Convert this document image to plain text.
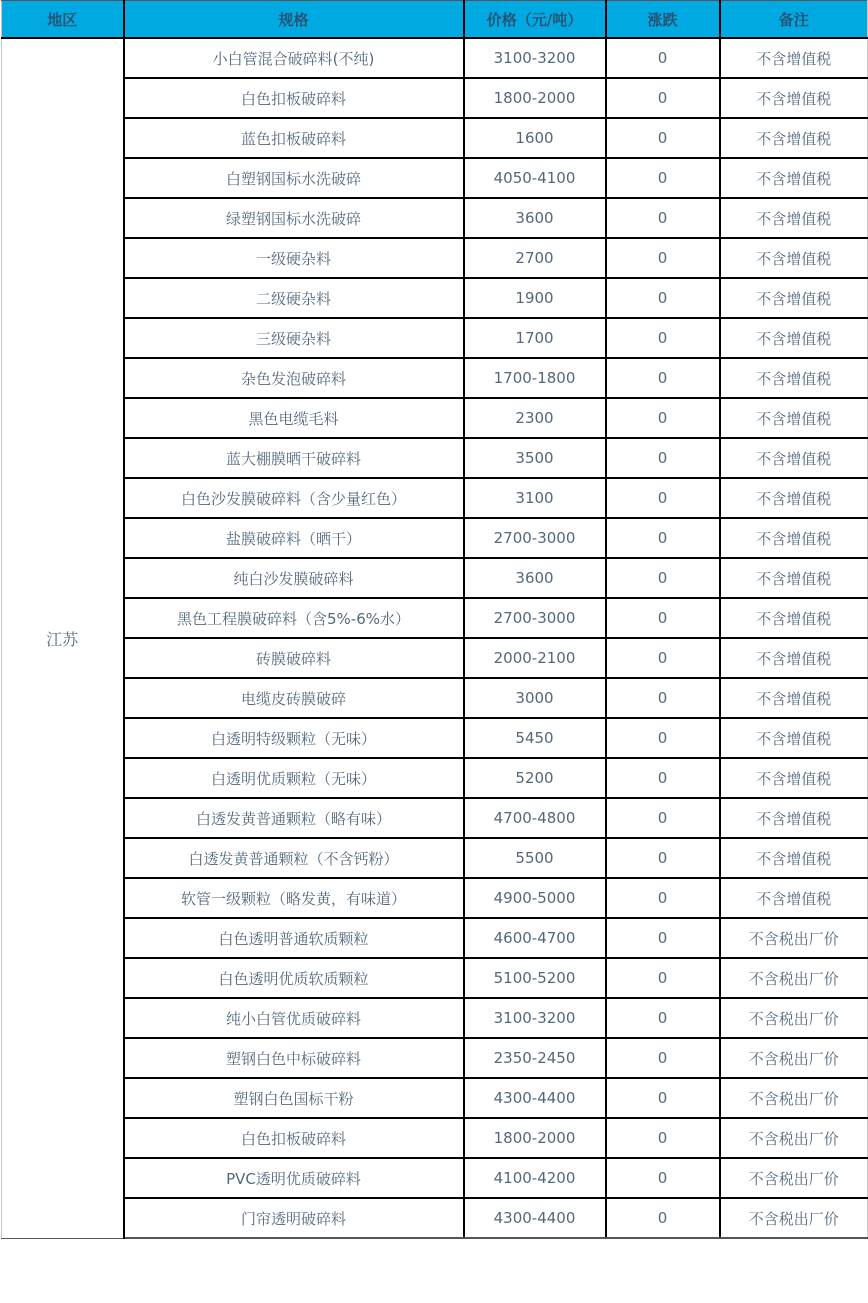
地区	规格	价格（元/吨）	涨跌	备注
江苏	小白管混合破碎料(不纯)	3100-3200	0	不含增值税
	白色扣板破碎料	1800-2000	0	不含增值税
	蓝色扣板破碎料	1600	0	不含增值税
	白塑钢国标水洗破碎	4050-4100	0	不含增值税
	绿塑钢国标水洗破碎	3600	0	不含增值税
	一级硬杂料	2700	0	不含增值税
	二级硬杂料	1900	0	不含增值税
	三级硬杂料	1700	0	不含增值税
	杂色发泡破碎料	1700-1800	0	不含增值税
	黑色电缆毛料	2300	0	不含增值税
	蓝大棚膜晒干破碎料	3500	0	不含增值税
	白色沙发膜破碎料（含少量红色）	3100	0	不含增值税
	盐膜破碎料（晒干）	2700-3000	0	不含增值税
	纯白沙发膜破碎料	3600	0	不含增值税
	黑色工程膜破碎料（含5%-6%水）	2700-3000	0	不含增值税
	砖膜破碎料	2000-2100	0	不含增值税
	电缆皮砖膜破碎	3000	0	不含增值税
	白透明特级颗粒（无味）	5450	0	不含增值税
	白透明优质颗粒（无味）	5200	0	不含增值税
	白透发黄普通颗粒（略有味）	4700-4800	0	不含增值税
	白透发黄普通颗粒（不含钙粉）	5500	0	不含增值税
	软管一级颗粒（略发黄，有味道）	4900-5000	0	不含增值税
	白色透明普通软质颗粒	4600-4700	0	不含税出厂价
	白色透明优质软质颗粒	5100-5200	0	不含税出厂价
	纯小白管优质破碎料	3100-3200	0	不含税出厂价
	塑钢白色中标破碎料	2350-2450	0	不含税出厂价
	塑钢白色国标干粉	4300-4400	0	不含税出厂价
	白色扣板破碎料	1800-2000	0	不含税出厂价
	PVC透明优质破碎料	4100-4200	0	不含税出厂价
	门帘透明破碎料	4300-4400	0	不含税出厂价
